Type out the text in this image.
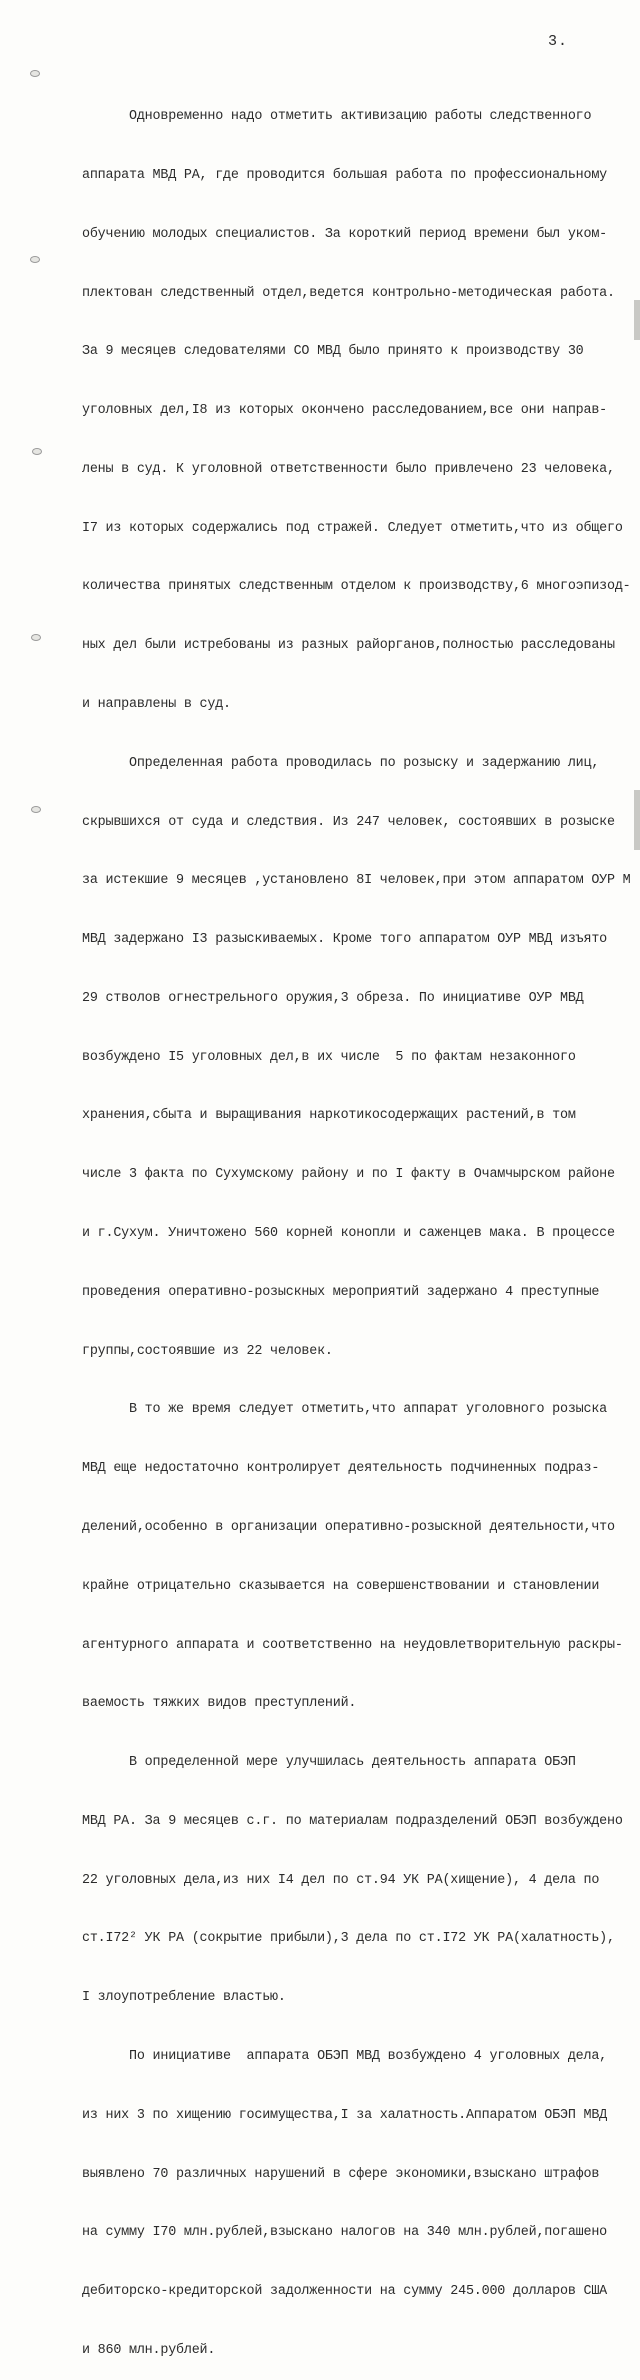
3.

Одновременно надо отметить активизацию работы следственного

аппарата МВД РА, где проводится большая работа по профессиональному

обучению молодых специалистов. За короткий период времени был уком-

плектован следственный отдел,ведется контрольно-методическая работа.

За 9 месяцев следователями СО МВД было принято к производству 30

уголовных дел,I8 из которых окончено расследованием,все они направ-

лены в суд. К уголовной ответственности было привлечено 23 человека,

I7 из которых содержались под стражей. Следует отметить,что из общего

количества принятых следственным отделом к производству,6 многоэпизод-

ных дел были истребованы из разных райорганов,полностью расследованы

и направлены в суд.

Определенная работа проводилась по розыску и задержанию лиц,

скрывшихся от суда и следствия. Из 247 человек, состоявших в розыске

за истекшие 9 месяцев ,установлено 8I человек,при этом аппаратом ОУР М

МВД задержано I3 разыскиваемых. Кроме того аппаратом ОУР МВД изъято

29 стволов огнестрельного оружия,3 обреза. По инициативе ОУР МВД

возбуждено I5 уголовных дел,в их числе  5 по фактам незаконного

хранения,сбыта и выращивания наркотикосодержащих растений,в том

числе 3 факта по Сухумскому району и по I факту в Очамчырском районе

и г.Сухум. Уничтожено 560 корней конопли и саженцев мака. В процессе

проведения оперативно-розыскных мероприятий задержано 4 преступные

группы,состоявшие из 22 человек.

В то же время следует отметить,что аппарат уголовного розыска

МВД еще недостаточно контролирует деятельность подчиненных подраз-

делений,особенно в организации оперативно-розыскной деятельности,что

крайне отрицательно сказывается на совершенствовании и становлении

агентурного аппарата и соответственно на неудовлетворительную раскры-

ваемость тяжких видов преступлений.

В определенной мере улучшилась деятельность аппарата ОБЭП

МВД РА. За 9 месяцев с.г. по материалам подразделений ОБЭП возбуждено

22 уголовных дела,из них I4 дел по ст.94 УК РА(хищение), 4 дела по

ст.I72² УК РА (сокрытие прибыли),3 дела по ст.I72 УК РА(халатность),

I злоупотребление властью.

По инициативе  аппарата ОБЭП МВД возбуждено 4 уголовных дела,

из них 3 по хищению госимущества,I за халатность.Аппаратом ОБЭП МВД

выявлено 70 различных нарушений в сфере экономики,взыскано штрафов

на сумму I70 млн.рублей,взыскано налогов на 340 млн.рублей,погашено

дебиторско-кредиторской задолженности на сумму 245.000 долларов США

и 860 млн.рублей.
